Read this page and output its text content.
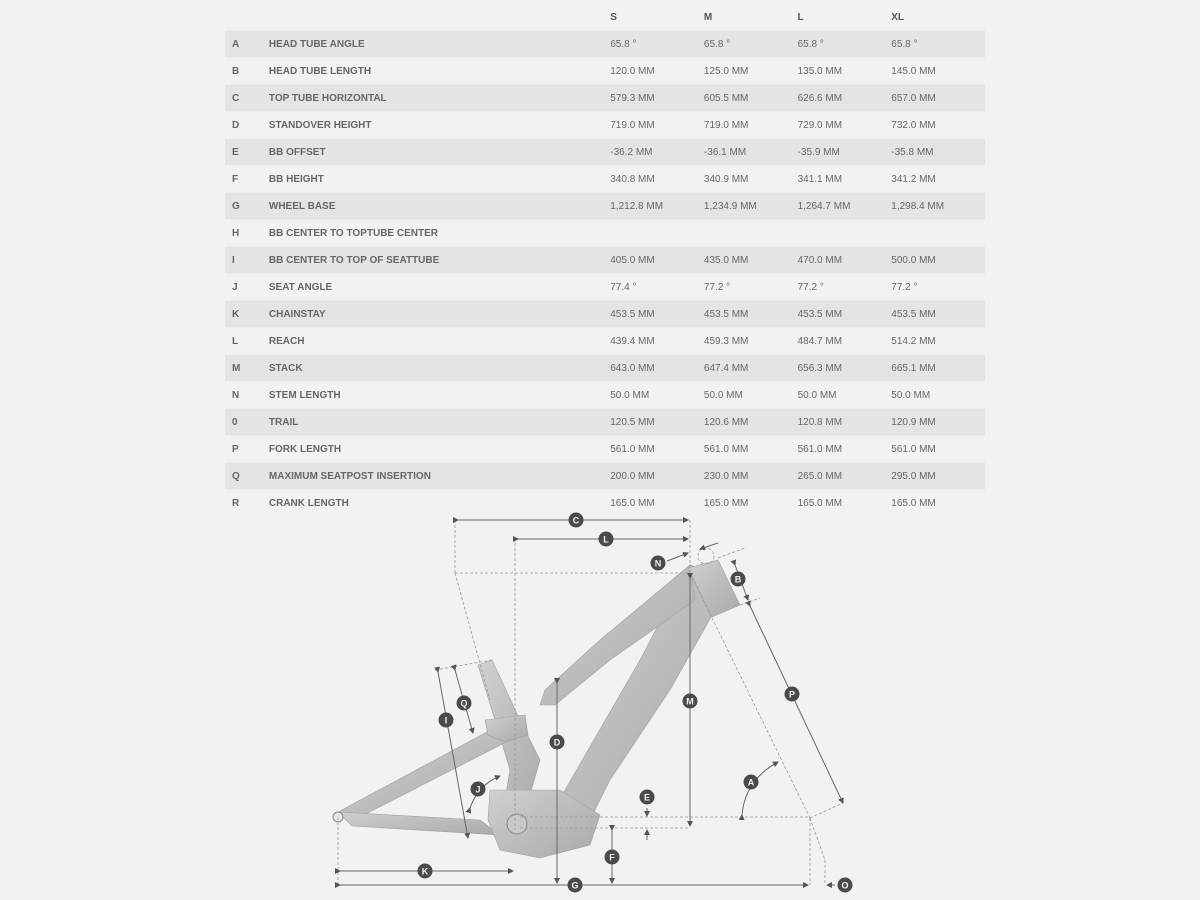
		S	M	L	XL
A	HEAD TUBE ANGLE	65.8 °	65.8 °	65.8 °	65.8 °
B	HEAD TUBE LENGTH	120.0 MM	125.0 MM	135.0 MM	145.0 MM
C	TOP TUBE HORIZONTAL	579.3 MM	605.5 MM	626.6 MM	657.0 MM
D	STANDOVER HEIGHT	719.0 MM	719.0 MM	729.0 MM	732.0 MM
E	BB OFFSET	-36.2 MM	-36.1 MM	-35.9 MM	-35.8 MM
F	BB HEIGHT	340.8 MM	340.9 MM	341.1 MM	341.2 MM
G	WHEEL BASE	1,212.8 MM	1,234.9 MM	1,264.7 MM	1,298.4 MM
H	BB CENTER TO TOPTUBE CENTER				
I	BB CENTER TO TOP OF SEATTUBE	405.0 MM	435.0 MM	470.0 MM	500.0 MM
J	SEAT ANGLE	77.4 °	77.2 °	77.2 °	77.2 °
K	CHAINSTAY	453.5 MM	453.5 MM	453.5 MM	453.5 MM
L	REACH	439.4 MM	459.3 MM	484.7 MM	514.2 MM
M	STACK	643.0 MM	647.4 MM	656.3 MM	665.1 MM
N	STEM LENGTH	50.0 MM	50.0 MM	50.0 MM	50.0 MM
0	TRAIL	120.5 MM	120.6 MM	120.8 MM	120.9 MM
P	FORK LENGTH	561.0 MM	561.0 MM	561.0 MM	561.0 MM
Q	MAXIMUM SEATPOST INSERTION	200.0 MM	230.0 MM	265.0 MM	295.0 MM
R	CRANK LENGTH	165.0 MM	165.0 MM	165.0 MM	165.0 MM
C
L
N
B
P
M
D
Q
I
J
A
E
K
F
G	O
